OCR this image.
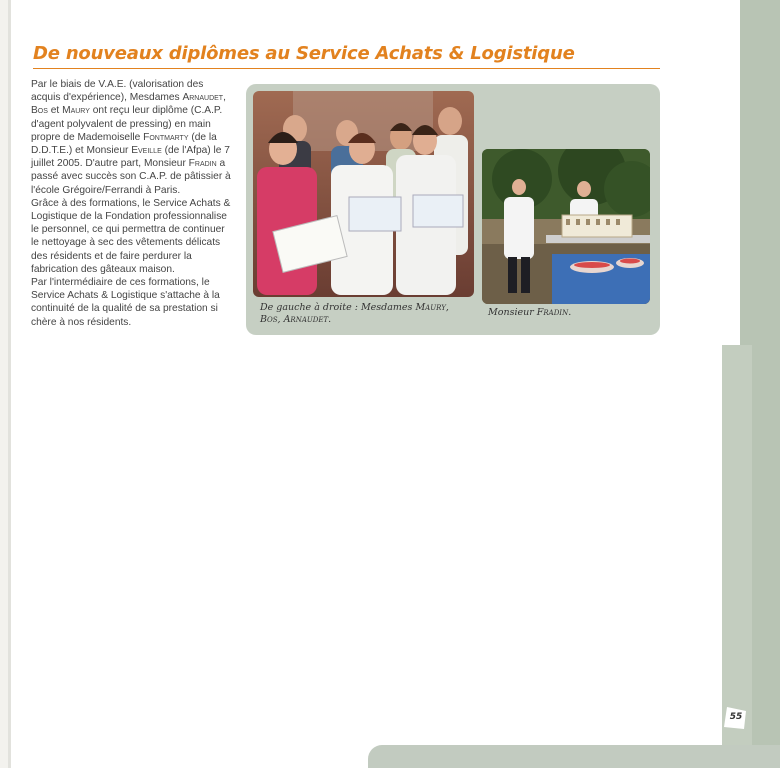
De nouveaux diplômes au Service Achats & Logistique

Par le biais de V.A.E. (valorisation des acquis d'expérience), Mesdames Arnaudet, Bos et Maury ont reçu leur diplôme (C.A.P. d'agent polyvalent de pressing) en main propre de Mademoiselle Fontmarty (de la D.D.T.E.) et Monsieur Eveille (de l'Afpa) le 7 juillet 2005. D'autre part, Monsieur Fradin a passé avec succès son C.A.P. de pâtissier à l'école Grégoire/Ferrandi à Paris.

Grâce à des formations, le Service Achats & Logistique de la Fondation professionnalise le personnel, ce qui permettra de continuer le nettoyage à sec des vêtements délicats des résidents et de faire perdurer la fabrication des gâteaux maison.

Par l'intermédiaire de ces formations, le Service Achats & Logistique s'attache à la continuité de la qualité de sa prestation si chère à nos résidents.

De gauche à droite : Mesdames Maury, Bos, Arnaudet.

Monsieur Fradin.

55
